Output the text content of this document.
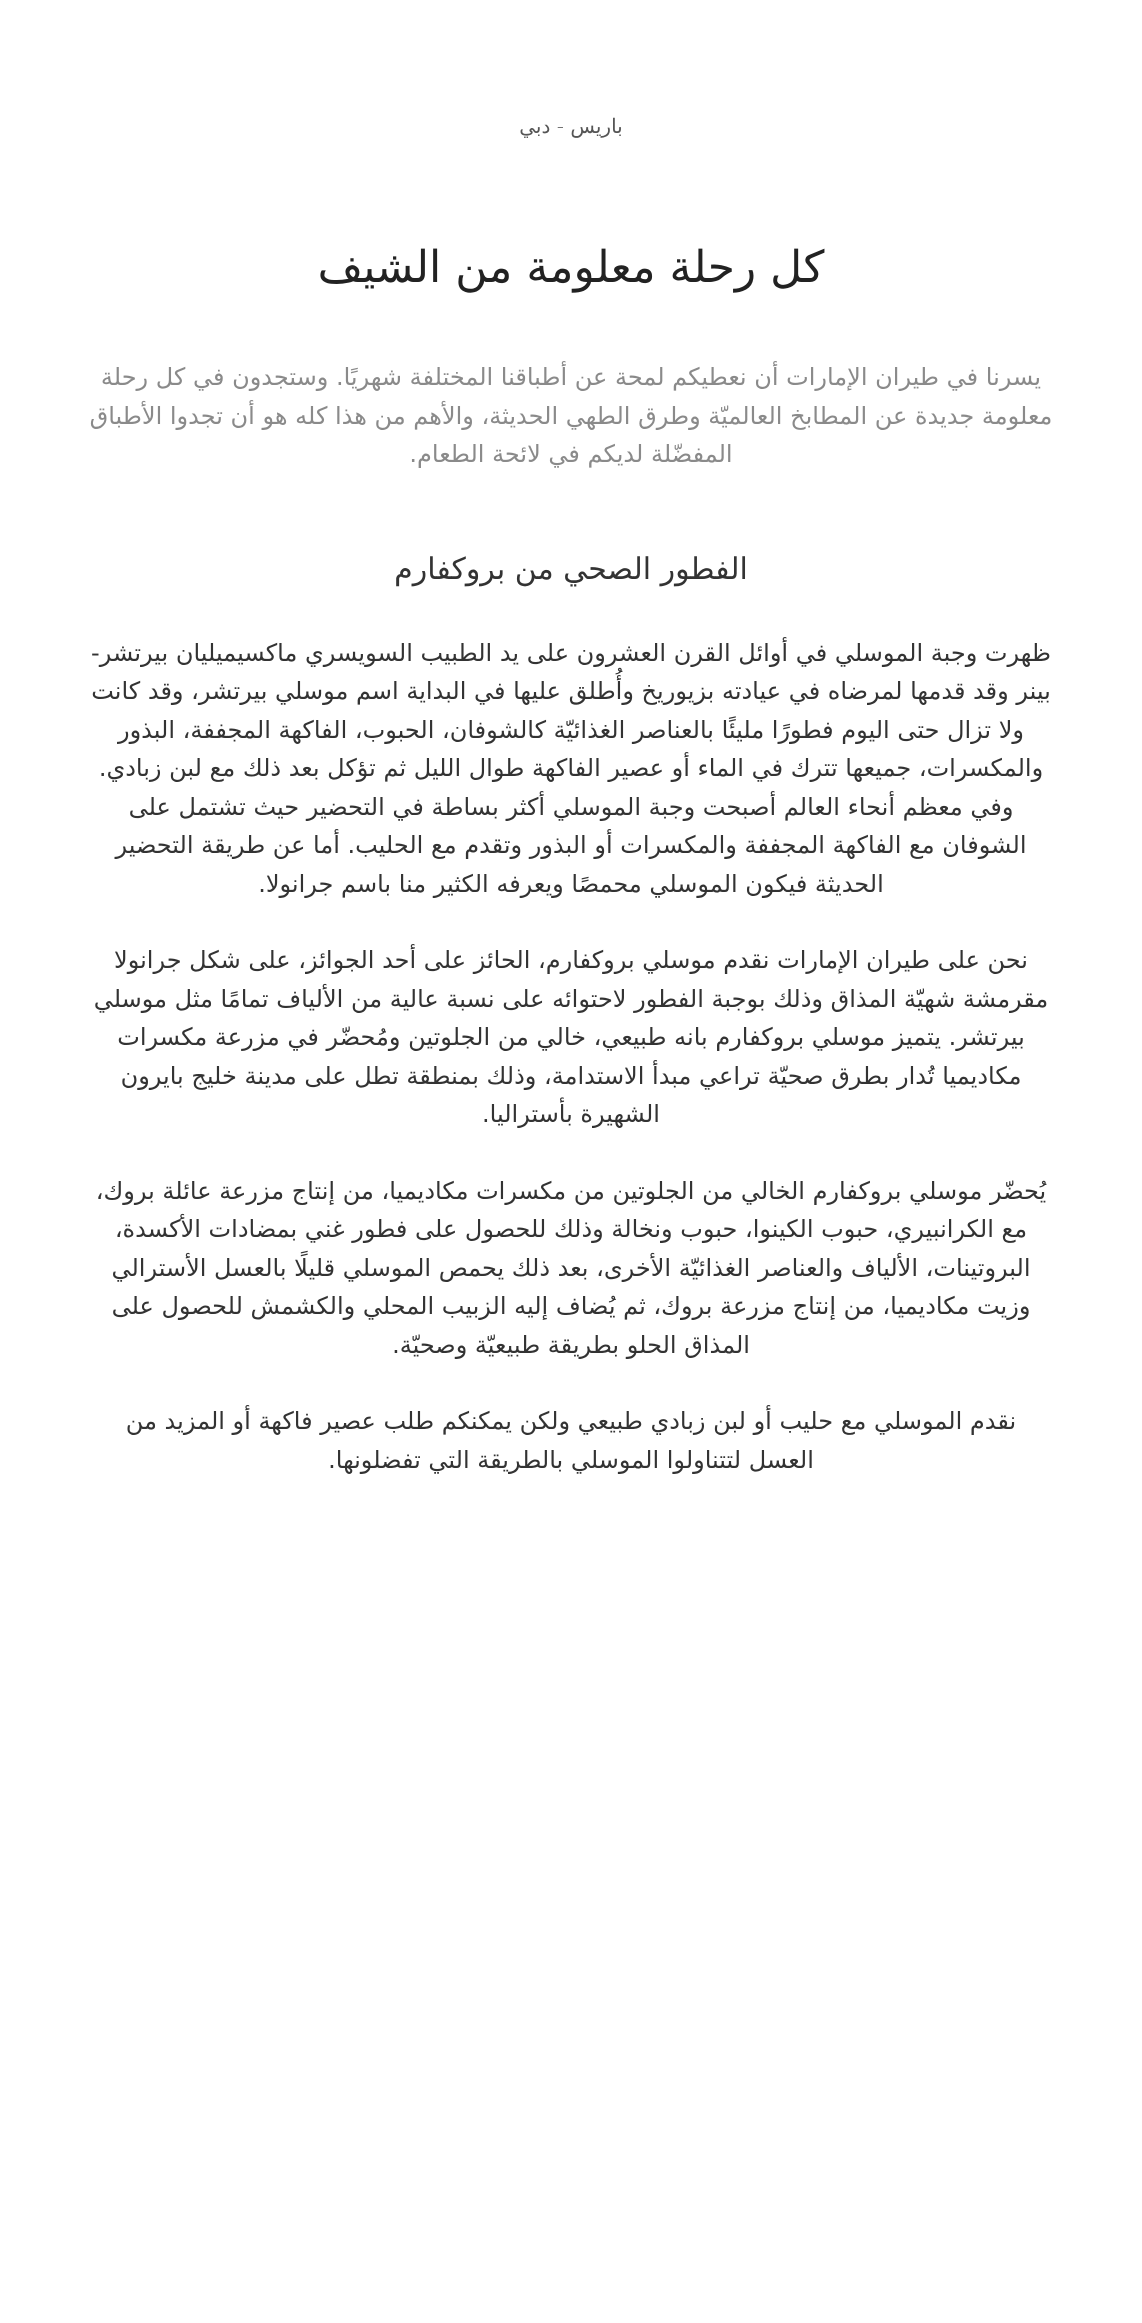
باريس - دبي

كل رحلة معلومة من الشيف

يسرنا في طيران الإمارات أن نعطيكم لمحة عن أطباقنا المختلفة شهريًا. وستجدون في كل رحلة معلومة جديدة عن المطابخ العالميّة وطرق الطهي الحديثة، والأهم من هذا كله هو أن تجدوا الأطباق المفضّلة لديكم في لائحة الطعام.

الفطور الصحي من بروكفارم

ظهرت وجبة الموسلي في أوائل القرن العشرون على يد الطبيب السويسري ماكسيميليان بيرتشر-بينر وقد قدمها لمرضاه في عيادته بزيوريخ وأُطلق عليها في البداية اسم موسلي بيرتشر، وقد كانت ولا تزال حتى اليوم فطورًا مليئًا بالعناصر الغذائيّة كالشوفان، الحبوب، الفاكهة المجففة، البذور والمكسرات، جميعها تترك في الماء أو عصير الفاكهة طوال الليل ثم تؤكل بعد ذلك مع لبن زبادي. وفي معظم أنحاء العالم أصبحت وجبة الموسلي أكثر بساطة في التحضير حيث تشتمل على الشوفان مع الفاكهة المجففة والمكسرات أو البذور وتقدم مع الحليب. أما عن طريقة التحضير الحديثة فيكون الموسلي محمصًا ويعرفه الكثير منا باسم جرانولا.

نحن على طيران الإمارات نقدم موسلي بروكفارم، الحائز على أحد الجوائز، على شكل جرانولا مقرمشة شهيّة المذاق وذلك بوجبة الفطور لاحتوائه على نسبة عالية من الألياف تمامًا مثل موسلي بيرتشر. يتميز موسلي بروكفارم بانه طبيعي، خالي من الجلوتين ومُحضّر في مزرعة مكسرات مكاديميا تُدار بطرق صحيّة تراعي مبدأ الاستدامة، وذلك بمنطقة تطل على مدينة خليج بايرون الشهيرة بأستراليا.

يُحضّر موسلي بروكفارم الخالي من الجلوتين من مكسرات مكاديميا، من إنتاج مزرعة عائلة بروك، مع الكرانبيري، حبوب الكينوا، حبوب ونخالة وذلك للحصول على فطور غني بمضادات الأكسدة، البروتينات، الألياف والعناصر الغذائيّة الأخرى، بعد ذلك يحمص الموسلي قليلًا بالعسل الأسترالي وزيت مكاديميا، من إنتاج مزرعة بروك، ثم يُضاف إليه الزبيب المحلي والكشمش للحصول على المذاق الحلو بطريقة طبيعيّة وصحيّة.

نقدم الموسلي مع حليب أو لبن زبادي طبيعي ولكن يمكنكم طلب عصير فاكهة أو المزيد من العسل لتتناولوا الموسلي بالطريقة التي تفضلونها.
